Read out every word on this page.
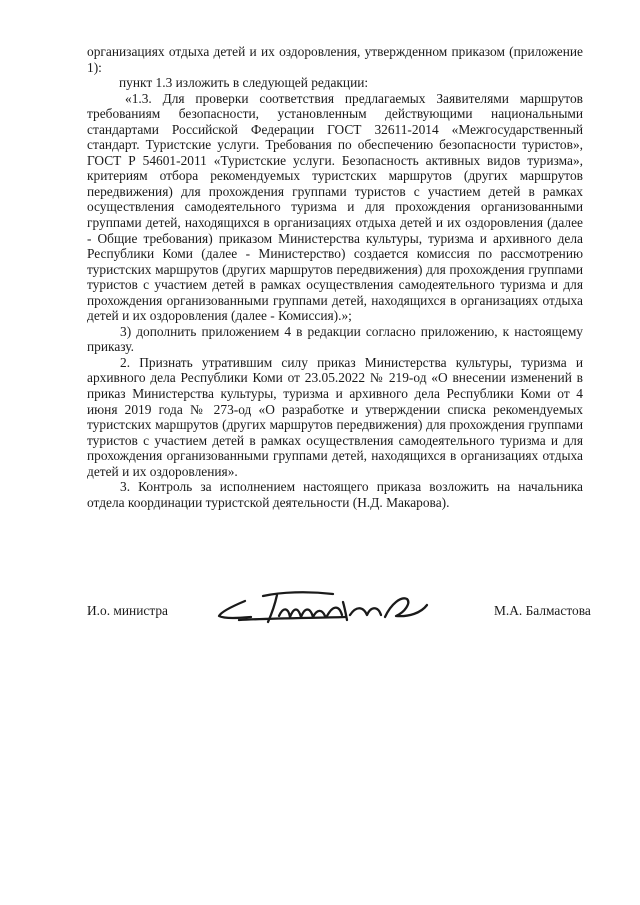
организациях отдыха детей и их оздоровления, утвержденном приказом (приложение 1):

пункт 1.3 изложить в следующей редакции:

«1.3. Для проверки соответствия предлагаемых Заявителями маршрутов требованиям безопасности, установленным действующими национальными стандартами Российской Федерации ГОСТ 32611-2014 «Межгосударственный стандарт. Туристские услуги. Требования по обеспечению безопасности туристов», ГОСТ Р 54601-2011 «Туристские услуги. Безопасность активных видов туризма», критериям отбора рекомендуемых туристских маршрутов (других маршрутов передвижения) для прохождения группами туристов с участием детей в рамках осуществления самодеятельного туризма и для прохождения организованными группами детей, находящихся в организациях отдыха детей и их оздоровления (далее - Общие требования) приказом Министерства культуры, туризма и архивного дела Республики Коми (далее - Министерство) создается комиссия по рассмотрению туристских маршрутов (других маршрутов передвижения) для прохождения группами туристов с участием детей в рамках осуществления самодеятельного туризма и для прохождения организованными группами детей, находящихся в организациях отдыха детей и их оздоровления (далее - Комиссия).»;

3) дополнить приложением 4 в редакции согласно приложению, к настоящему приказу.

2. Признать утратившим силу приказ Министерства культуры, туризма и архивного дела Республики Коми от 23.05.2022 № 219-од «О внесении изменений в приказ Министерства культуры, туризма и архивного дела Республики Коми от 4 июня 2019 года № 273-од «О разработке и утверждении списка рекомендуемых туристских маршрутов (других маршрутов передвижения) для прохождения группами туристов с участием детей в рамках осуществления самодеятельного туризма и для прохождения организованными группами детей, находящихся в организациях отдыха детей и их оздоровления».

3. Контроль за исполнением настоящего приказа возложить на начальника отдела координации туристской деятельности (Н.Д. Макарова).

И.о. министра	М.А. Балмастова
